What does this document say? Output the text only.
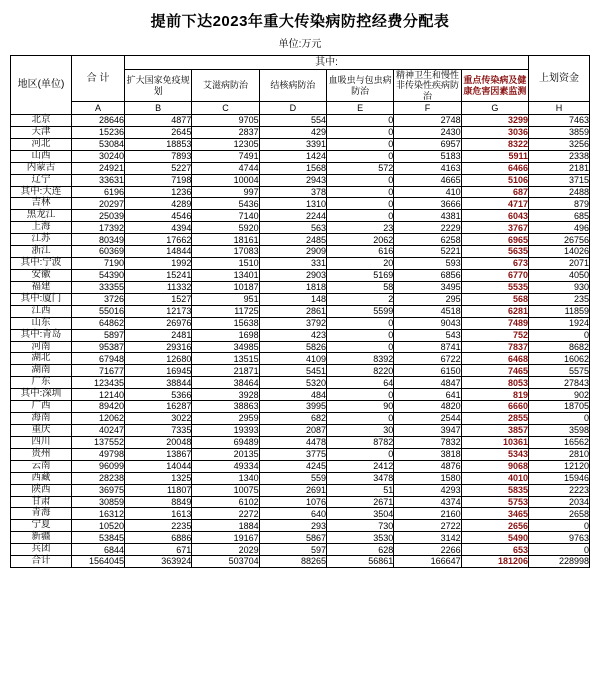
提前下达2023年重大传染病防控经费分配表
单位:万元
地区(单位)	合 计	其中:						上划资金
		扩大国家免疫规划	艾滋病防治	结核病防治	血吸虫与包虫病防治	精神卫生和慢性非传染性疾病防治	重点传染病及健康危害因素监测	
	A	B	C	D	E	F	G	H
北京	28646	4877	9705	554	0	2748	3299	7463
天津	15236	2645	2837	429	0	2430	3036	3859
河北	53084	18853	12305	3391	0	6957	8322	3256
山西	30240	7893	7491	1424	0	5183	5911	2338
内蒙古	24921	5227	4744	1568	572	4163	6466	2181
辽宁	33631	7198	10004	2943	0	4665	5106	3715
其中:大连	6196	1236	997	378	0	410	687	2488
吉林	20297	4289	5436	1310	0	3666	4717	879
黑龙江	25039	4546	7140	2244	0	4381	6043	685
上海	17392	4394	5920	563	23	2229	3767	496
江苏	80349	17662	18161	2485	2062	6258	6965	26756
浙江	60369	14844	17083	2909	616	5221	5635	14026
其中:宁波	7190	1992	1510	331	20	593	673	2071
安徽	54390	15241	13401	2903	5169	6856	6770	4050
福建	33355	11332	10187	1818	58	3495	5535	930
其中:厦门	3726	1527	951	148	2	295	568	235
江西	55016	12173	11725	2861	5599	4518	6281	11859
山东	64862	26976	15638	3792	0	9043	7489	1924
其中:青岛	5897	2481	1698	423	0	543	752	0
河南	95387	29316	34985	5826	0	8741	7837	8682
湖北	67948	12680	13515	4109	8392	6722	6468	16062
湖南	71677	16945	21871	5451	8220	6150	7465	5575
广东	123435	38844	38464	5320	64	4847	8053	27843
其中:深圳	12140	5366	3928	484	0	641	819	902
广西	89420	16287	38863	3995	90	4820	6660	18705
海南	12062	3022	2959	682	0	2544	2855	0
重庆	40247	7335	19393	2087	30	3947	3857	3598
四川	137552	20048	69489	4478	8782	7832	10361	16562
贵州	49798	13867	20135	3775	0	3818	5343	2810
云南	96099	14044	49334	4245	2412	4876	9068	12120
西藏	28238	1325	1340	559	3478	1580	4010	15946
陕西	36975	11807	10075	2691	51	4293	5835	2223
甘肃	30859	8849	6102	1076	2671	4374	5753	2034
青海	16312	1613	2272	640	3504	2160	3465	2658
宁夏	10520	2235	1884	293	730	2722	2656	0
新疆	53845	6886	19167	5867	3530	3142	5490	9763
兵团	6844	671	2029	597	628	2266	653	0
合计	1564045	363924	503704	88265	56861	166647	181206	228998
